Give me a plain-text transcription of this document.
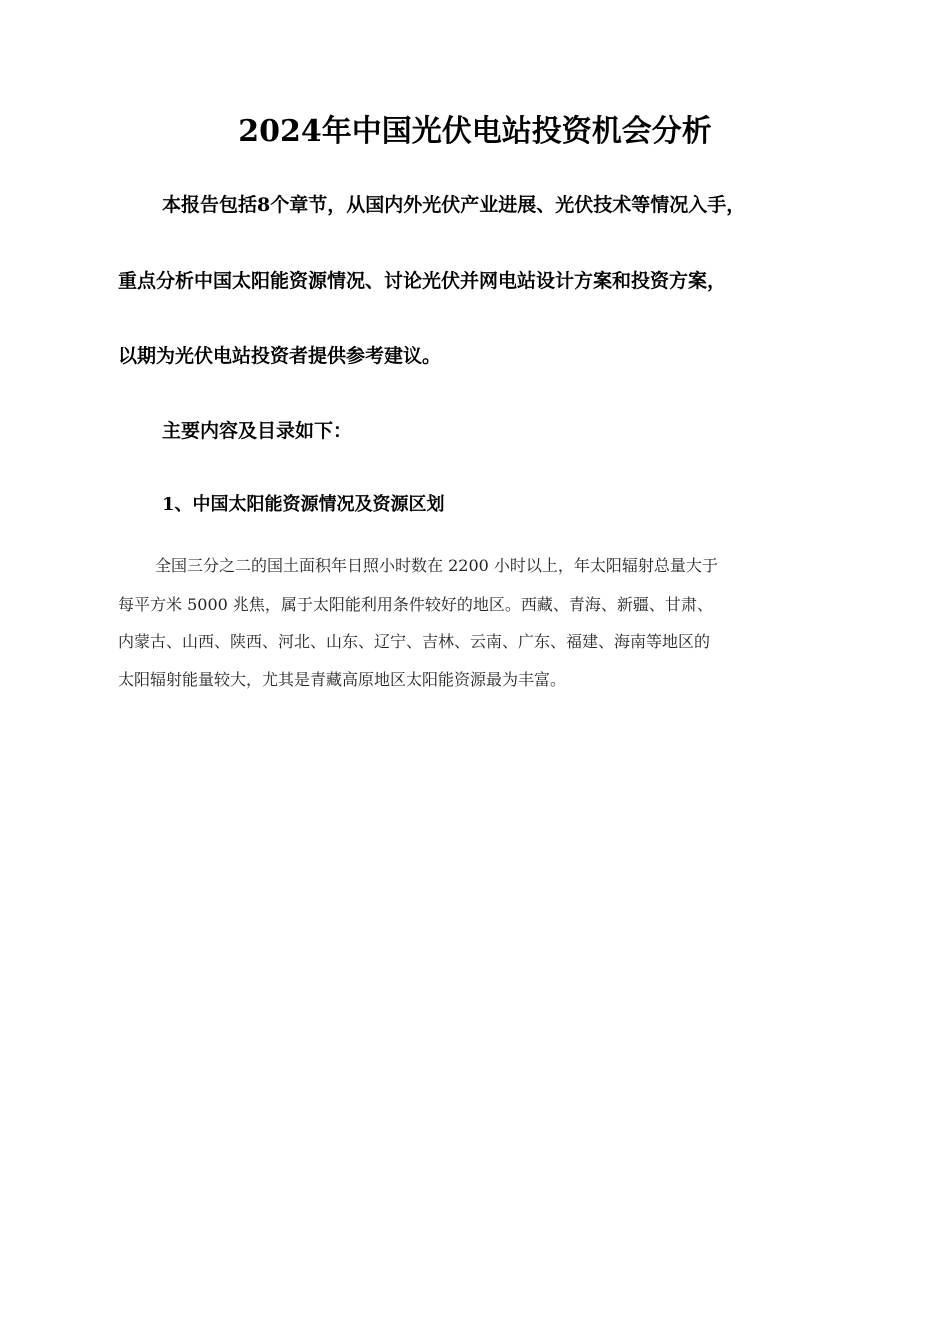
2024年中国光伏电站投资机会分析
本报告包括8个章节，从国内外光伏产业进展、光伏技术等情况入手，
重点分析中国太阳能资源情况、讨论光伏并网电站设计方案和投资方案，
以期为光伏电站投资者提供参考建议。
主要内容及目录如下：
1、中国太阳能资源情况及资源区划
全国三分之二的国土面积年日照小时数在 2200 小时以上，年太阳辐射总量大于
每平方米 5000 兆焦，属于太阳能利用条件较好的地区。西藏、青海、新疆、甘肃、
内蒙古、山西、陕西、河北、山东、辽宁、吉林、云南、广东、福建、海南等地区的
太阳辐射能量较大，尤其是青藏高原地区太阳能资源最为丰富。
